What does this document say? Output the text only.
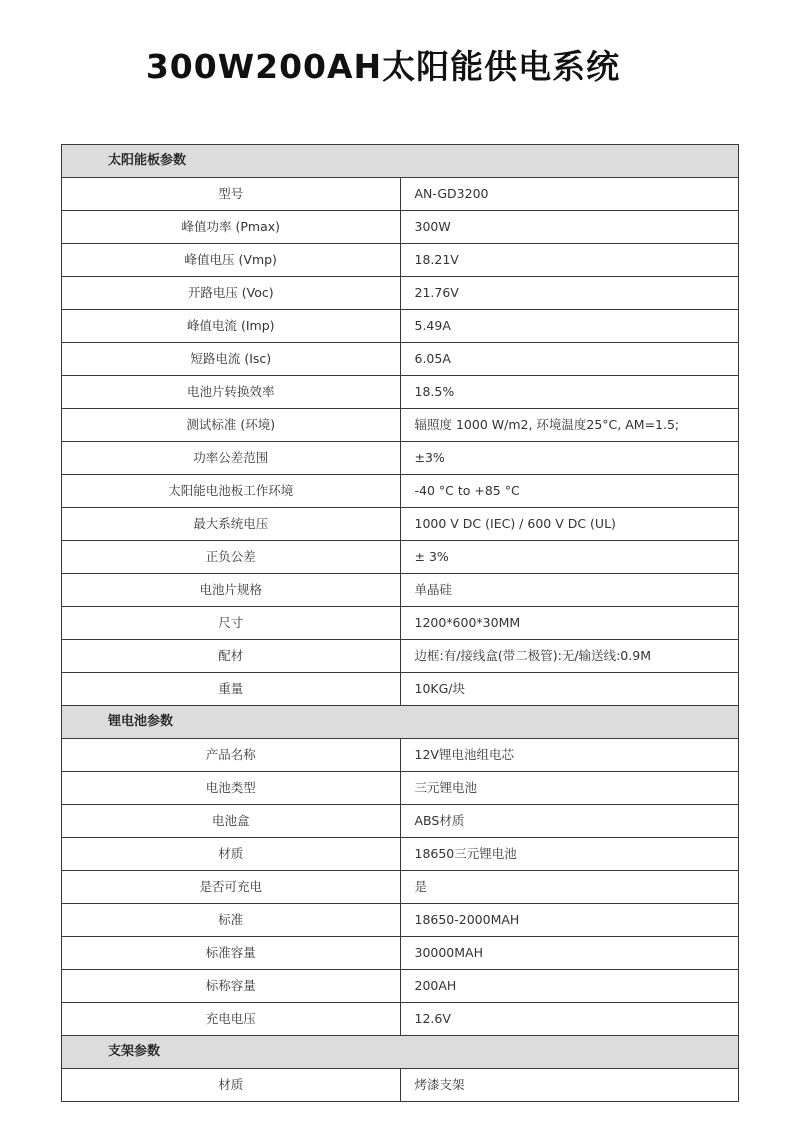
300W200AH太阳能供电系统
太阳能板参数	
型号	AN-GD3200
峰值功率 (Pmax)	300W
峰值电压 (Vmp)	18.21V
开路电压 (Voc)	21.76V
峰值电流 (Imp)	5.49A
短路电流 (Isc)	6.05A
电池片转换效率	18.5%
测试标准 (环境)	辐照度 1000 W/m2, 环境温度25°C, AM=1.5;
功率公差范围	±3%
太阳能电池板工作环境	-40 °C to +85 °C
最大系统电压	1000 V DC (IEC) / 600 V DC (UL)
正负公差	± 3%
电池片规格	单晶硅
尺寸	1200*600*30MM
配材	边框:有/接线盒(带二极管):无/输送线:0.9M
重量	10KG/块
锂电池参数	
产品名称	12V锂电池组电芯
电池类型	三元锂电池
电池盒	ABS材质
材质	18650三元锂电池
是否可充电	是
标准	18650-2000MAH
标准容量	30000MAH
标称容量	200AH
充电电压	12.6V
支架参数	
材质	烤漆支架
